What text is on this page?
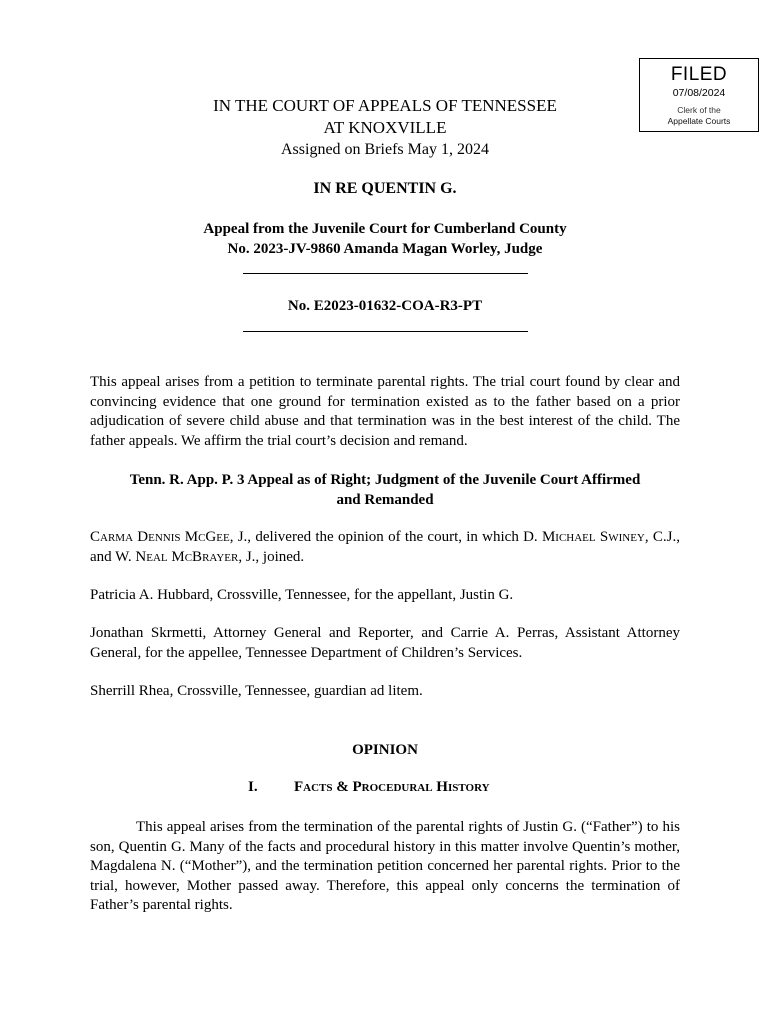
FILED
07/08/2024
Clerk of the
Appellate Courts
IN THE COURT OF APPEALS OF TENNESSEE
AT KNOXVILLE
Assigned on Briefs May 1, 2024
IN RE QUENTIN G.
Appeal from the Juvenile Court for Cumberland County
No. 2023-JV-9860 Amanda Magan Worley, Judge
No. E2023-01632-COA-R3-PT
This appeal arises from a petition to terminate parental rights. The trial court found by clear and convincing evidence that one ground for termination existed as to the father based on a prior adjudication of severe child abuse and that termination was in the best interest of the child. The father appeals. We affirm the trial court’s decision and remand.
Tenn. R. App. P. 3 Appeal as of Right; Judgment of the Juvenile Court Affirmed
and Remanded
Carma Dennis McGee, J., delivered the opinion of the court, in which D. Michael Swiney, C.J., and W. Neal McBrayer, J., joined.
Patricia A. Hubbard, Crossville, Tennessee, for the appellant, Justin G.
Jonathan Skrmetti, Attorney General and Reporter, and Carrie A. Perras, Assistant Attorney General, for the appellee, Tennessee Department of Children’s Services.
Sherrill Rhea, Crossville, Tennessee, guardian ad litem.
OPINION
I. Facts & Procedural History
This appeal arises from the termination of the parental rights of Justin G. (“Father”) to his son, Quentin G. Many of the facts and procedural history in this matter involve Quentin’s mother, Magdalena N. (“Mother”), and the termination petition concerned her parental rights. Prior to the trial, however, Mother passed away. Therefore, this appeal only concerns the termination of Father’s parental rights.
